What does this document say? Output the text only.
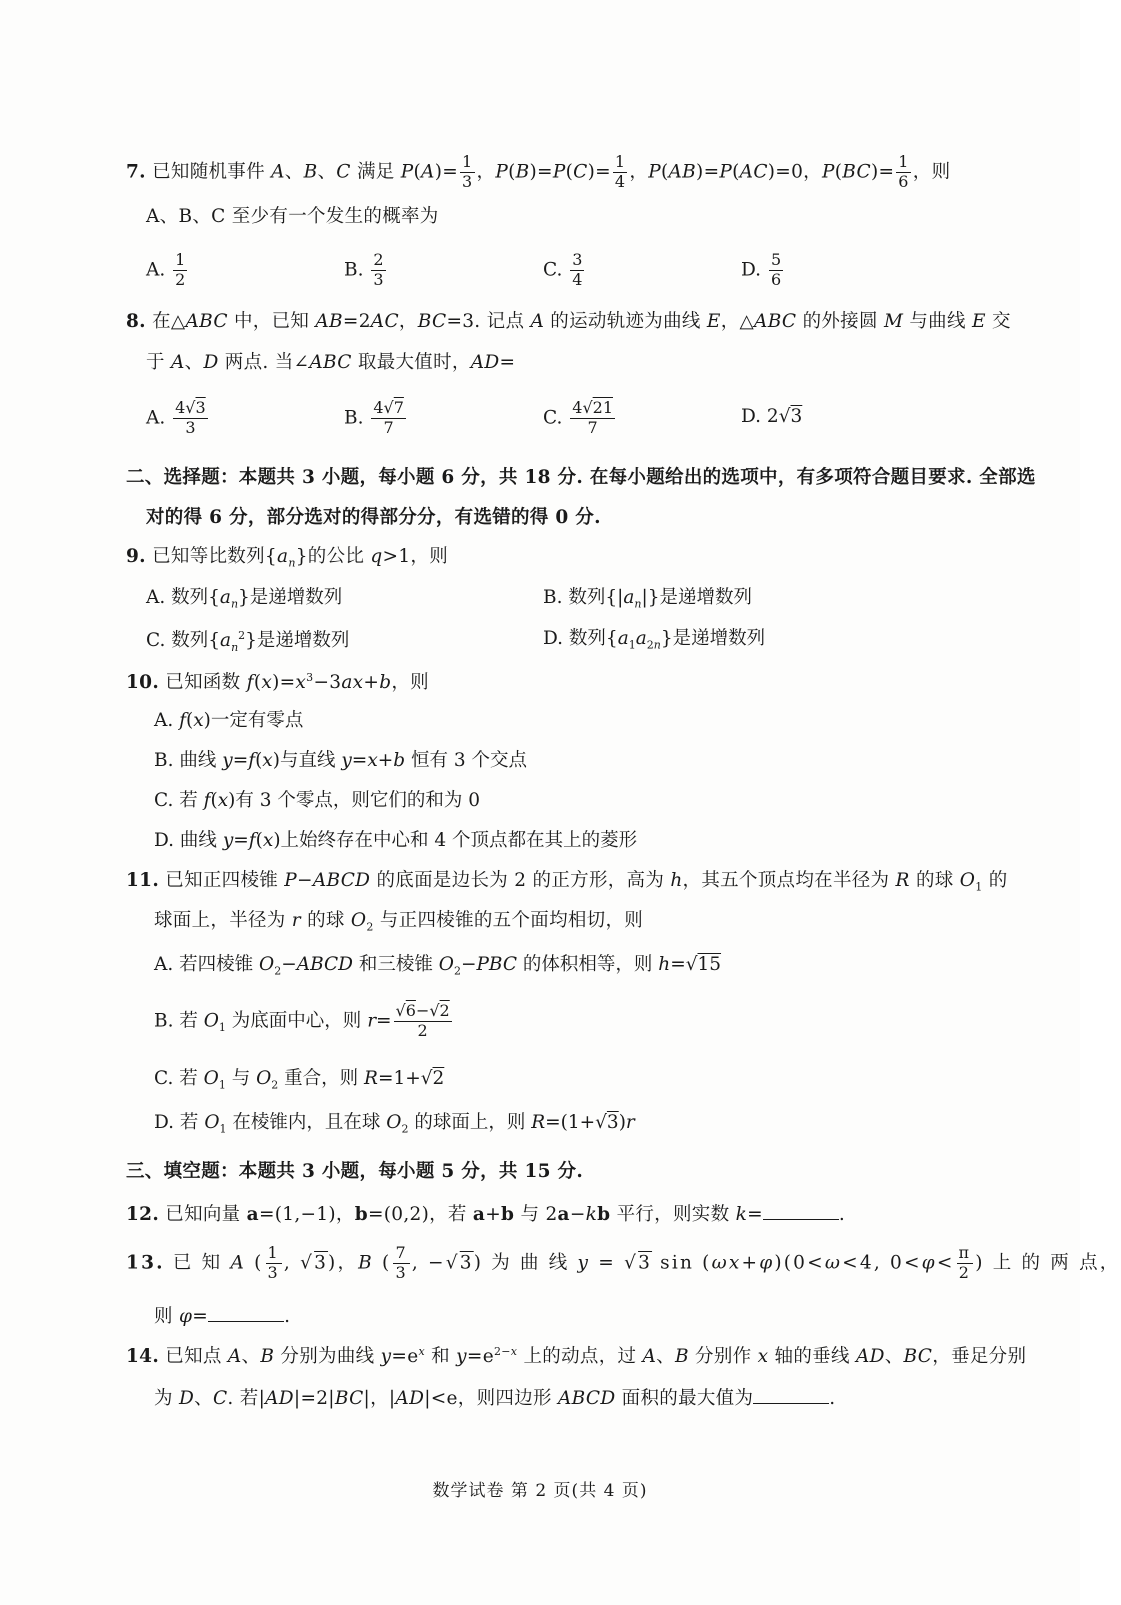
7. 已知随机事件 A、B、C 满足 $P(A)= \frac{1}{3}$ ，$P(B)=P(C)= \frac{1}{4}$ ，P(AB)=P(AC)=0，$P(BC)= \frac{1}{6}$ ，则
A、B、C 至少有一个发生的概率为
A. $\frac{1}{2}$	B. $\frac{2}{3}$	C. $\frac{3}{4}$	D. $\frac{5}{6}$
8. 在△ABC 中，已知 AB=2AC，BC=3. 记点 A 的运动轨迹为曲线 E，△ABC 的外接圆 M 与曲线 E 交
于 A、D 两点. 当∠ABC 取最大值时，AD=
A. $\frac{4√3}{3}$	B. $\frac{4√7}{7}$	C. $\frac{4√21}{7}$	D. 2√3
二、选择题：本题共 3 小题，每小题 6 分，共 18 分. 在每小题给出的选项中，有多项符合题目要求. 全部选
对的得 6 分，部分选对的得部分分，有选错的得 0 分.
9. 已知等比数列$\{a_n\}$的公比 q>1，则
A. 数列$\{a_n\}$是递增数列	B. 数列$\{|a_n|\}$是递增数列
C. 数列$\{a_n^2\}$是递增数列	D. 数列$\{a_1a_{2n}\}$是递增数列
10. 已知函数 $f(x)=x^3-3ax+b$，则
A. f(x)一定有零点
B. 曲线 y=f(x)与直线 y=x+b 恒有 3 个交点
C. 若 f(x)有 3 个零点，则它们的和为 0
D. 曲线 y=f(x)上始终存在中心和 4 个顶点都在其上的菱形
11. 已知正四棱锥 P−ABCD 的底面是边长为 2 的正方形，高为 h，其五个顶点均在半径为 R 的球 $O_1$ 的
球面上，半径为 r 的球 $O_2$ 与正四棱锥的五个面均相切，则
A. 若四棱锥 $O_2-ABCD$ 和三棱锥 $O_2-PBC$ 的体积相等，则 h=√15
B. 若 $O_1$ 为底面中心，则 $r= \frac{√6-√2}{2}$
C. 若 $O_1$ 与 $O_2$ 重合，则 R=1+√2
D. 若 $O_1$ 在棱锥内，且在球 $O_2$ 的球面上，则 R=(1+√3)r
三、填空题：本题共 3 小题，每小题 5 分，共 15 分.
12. 已知向量 a=(1,−1)，b=(0,2)，若 a+b 与 2a−kb 平行，则实数 k=	.
13. 已 知 A ( $\frac{1}{3}$ , √3)，B ( $\frac{7}{3}$ , −√3) 为 曲 线 y = √3 sin (ωx+φ)(0<ω<4, $0<\varphi< \frac{\pi}{2}$ ) 上 的 两 点，
则 φ=	.
14. 已知点 A、B 分别为曲线 $y=e^x$ 和 $y=e^{2-x}$ 上的动点，过 A、B 分别作 x 轴的垂线 AD、BC，垂足分别
为 D、C. 若|AD|=2|BC|，|AD|<e，则四边形 ABCD 面积的最大值为	.
数学试卷 第 2 页(共 4 页)
